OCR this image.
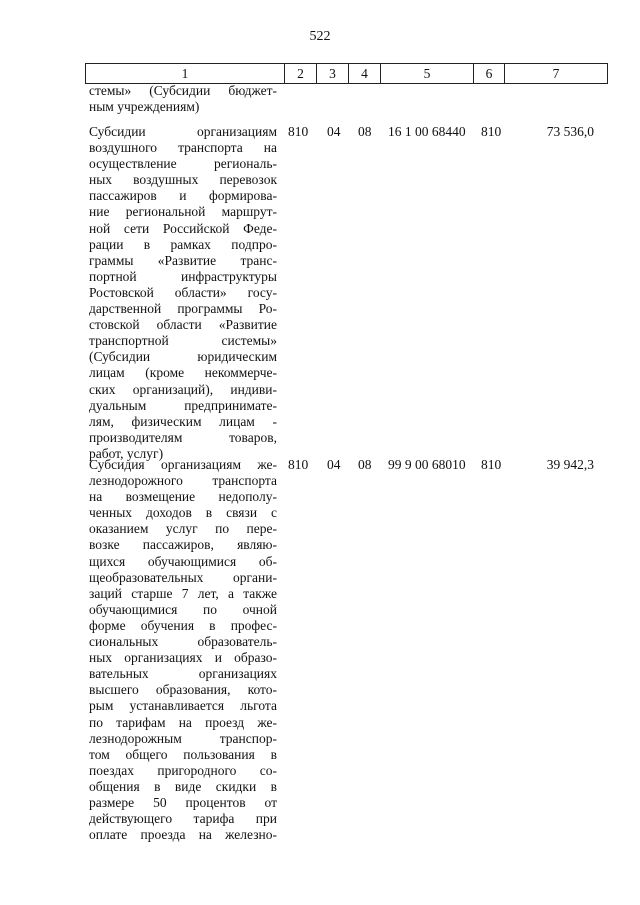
522
1	2	3	4	5	6	7
стемы» (Субсидии бюджет-
ным учреждениям)
Субсидии организациям
воздушного транспорта на
осуществление региональ-
ных воздушных перевозок
пассажиров и формирова-
ние региональной маршрут-
ной сети Российской Феде-
рации в рамках подпро-
граммы «Развитие транс-
портной инфраструктуры
Ростовской области» госу-
дарственной программы Ро-
стовской области «Развитие
транспортной системы»
(Субсидии юридическим
лицам (кроме некоммерче-
ских организаций), индиви-
дуальным предпринимате-
лям, физическим лицам -
производителям товаров,
работ, услуг)
810	04	08	16 1 00 68440	810	73 536,0
Субсидия организациям же-
лезнодорожного транспорта
на возмещение недополу-
ченных доходов в связи с
оказанием услуг по пере-
возке пассажиров, являю-
щихся обучающимися об-
щеобразовательных органи-
заций старше 7 лет, а также
обучающимися по очной
форме обучения в профес-
сиональных образователь-
ных организациях и образо-
вательных организациях
высшего образования, кото-
рым устанавливается льгота
по тарифам на проезд же-
лезнодорожным транспор-
том общего пользования в
поездах пригородного со-
общения в виде скидки в
размере 50 процентов от
действующего тарифа при
оплате проезда на железно-
810	04	08	99 9 00 68010	810	39 942,3
